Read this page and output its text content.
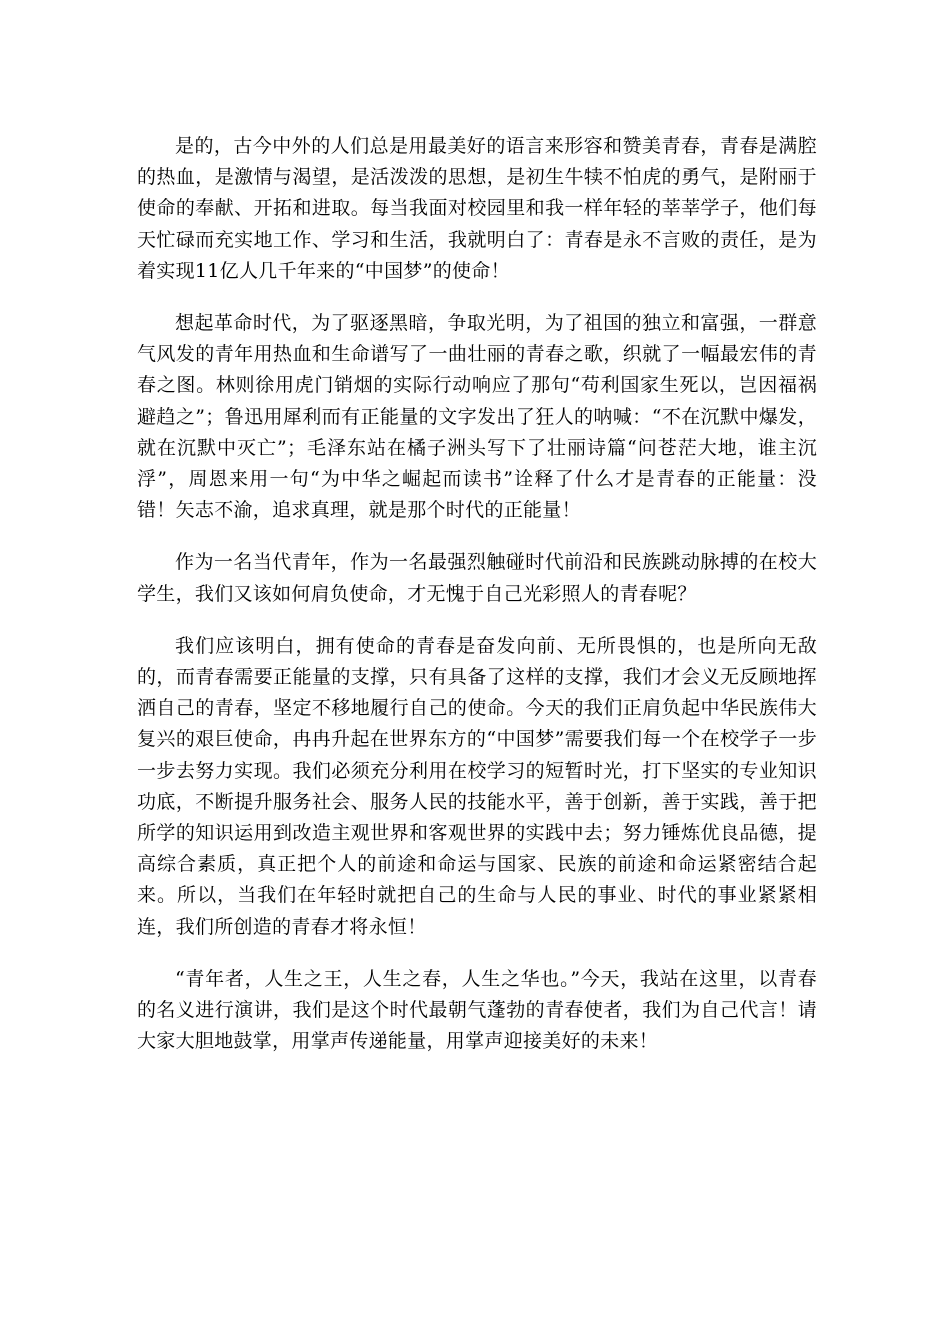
是的，古今中外的人们总是用最美好的语言来形容和赞美青春，青春是满腔的热血，是激情与渴望，是活泼泼的思想，是初生牛犊不怕虎的勇气，是附丽于使命的奉献、开拓和进取。每当我面对校园里和我一样年轻的莘莘学子，他们每天忙碌而充实地工作、学习和生活，我就明白了：青春是永不言败的责任，是为着实现11亿人几千年来的“中国梦”的使命！

想起革命时代，为了驱逐黑暗，争取光明，为了祖国的独立和富强，一群意气风发的青年用热血和生命谱写了一曲壮丽的青春之歌，织就了一幅最宏伟的青春之图。林则徐用虎门销烟的实际行动响应了那句“苟利国家生死以，岂因福祸避趋之”；鲁迅用犀利而有正能量的文字发出了狂人的呐喊：“不在沉默中爆发，就在沉默中灭亡”；毛泽东站在橘子洲头写下了壮丽诗篇“问苍茫大地，谁主沉浮”，周恩来用一句“为中华之崛起而读书”诠释了什么才是青春的正能量：没错！矢志不渝，追求真理，就是那个时代的正能量！

作为一名当代青年，作为一名最强烈触碰时代前沿和民族跳动脉搏的在校大学生，我们又该如何肩负使命，才无愧于自己光彩照人的青春呢？

我们应该明白，拥有使命的青春是奋发向前、无所畏惧的，也是所向无敌的，而青春需要正能量的支撑，只有具备了这样的支撑，我们才会义无反顾地挥洒自己的青春，坚定不移地履行自己的使命。今天的我们正肩负起中华民族伟大复兴的艰巨使命，冉冉升起在世界东方的“中国梦”需要我们每一个在校学子一步一步去努力实现。我们必须充分利用在校学习的短暂时光，打下坚实的专业知识功底，不断提升服务社会、服务人民的技能水平，善于创新，善于实践，善于把所学的知识运用到改造主观世界和客观世界的实践中去；努力锤炼优良品德，提高综合素质，真正把个人的前途和命运与国家、民族的前途和命运紧密结合起来。所以，当我们在年轻时就把自己的生命与人民的事业、时代的事业紧紧相连，我们所创造的青春才将永恒！

“青年者，人生之王，人生之春，人生之华也。”今天，我站在这里，以青春的名义进行演讲，我们是这个时代最朝气蓬勃的青春使者，我们为自己代言！请大家大胆地鼓掌，用掌声传递能量，用掌声迎接美好的未来！
